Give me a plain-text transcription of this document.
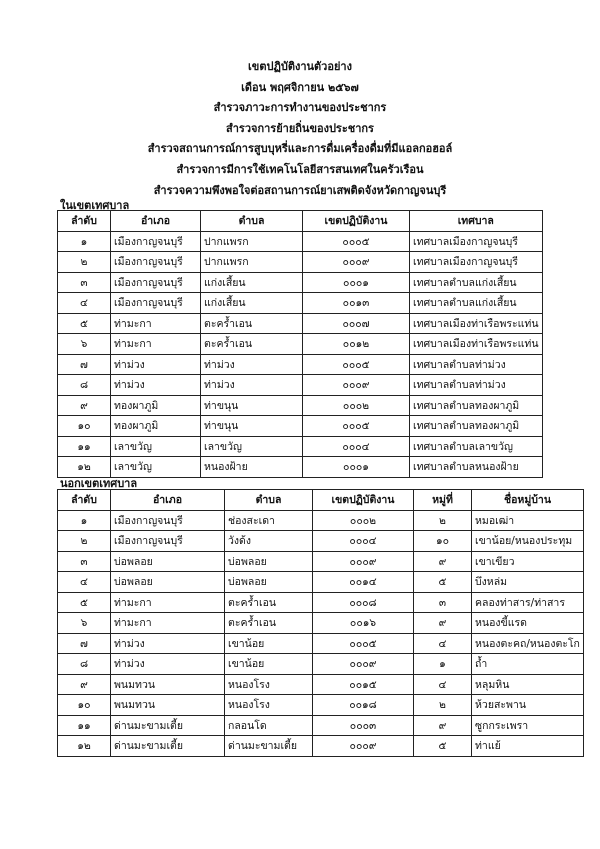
เขตปฏิบัติงานตัวอย่าง
เดือน พฤศจิกายน ๒๕๖๗
สำรวจภาวะการทำงานของประชากร
สำรวจการย้ายถิ่นของประชากร
สำรวจสถานการณ์การสูบบุหรี่และการดื่มเครื่องดื่มที่มีแอลกอฮอล์
สำรวจการมีการใช้เทคโนโลยีสารสนเทศในครัวเรือน
สำรวจความพึงพอใจต่อสถานการณ์ยาเสพติดจังหวัดกาญจนบุรี
ในเขตเทศบาล
ลำดับ	อำเภอ	ตำบล	เขตปฏิบัติงาน	เทศบาล
๑	เมืองกาญจนบุรี	ปากแพรก	๐๐๐๕	เทศบาลเมืองกาญจนบุรี
๒	เมืองกาญจนบุรี	ปากแพรก	๐๐๐๙	เทศบาลเมืองกาญจนบุรี
๓	เมืองกาญจนบุรี	แก่งเสี้ยน	๐๐๐๑	เทศบาลตำบลแก่งเสี้ยน
๔	เมืองกาญจนบุรี	แก่งเสี้ยน	๐๐๑๓	เทศบาลตำบลแก่งเสี้ยน
๕	ท่ามะกา	ตะคร้ำเอน	๐๐๐๗	เทศบาลเมืองท่าเรือพระแท่น
๖	ท่ามะกา	ตะคร้ำเอน	๐๐๑๒	เทศบาลเมืองท่าเรือพระแท่น
๗	ท่าม่วง	ท่าม่วง	๐๐๐๕	เทศบาลตำบลท่าม่วง
๘	ท่าม่วง	ท่าม่วง	๐๐๐๙	เทศบาลตำบลท่าม่วง
๙	ทองผาภูมิ	ท่าขนุน	๐๐๐๒	เทศบาลตำบลทองผาภูมิ
๑๐	ทองผาภูมิ	ท่าขนุน	๐๐๐๕	เทศบาลตำบลทองผาภูมิ
๑๑	เลาขวัญ	เลาขวัญ	๐๐๐๔	เทศบาลตำบลเลาขวัญ
๑๒	เลาขวัญ	หนองฝ้าย	๐๐๐๑	เทศบาลตำบลหนองฝ้าย
นอกเขตเทศบาล
ลำดับ	อำเภอ	ตำบล	เขตปฏิบัติงาน	หมู่ที่	ชื่อหมู่บ้าน
๑	เมืองกาญจนบุรี	ช่องสะเดา	๐๐๐๒	๒	หมอเฒ่า
๒	เมืองกาญจนบุรี	วังด้ง	๐๐๐๔	๑๐	เขาน้อย/หนองประทุม
๓	บ่อพลอย	บ่อพลอย	๐๐๐๙	๙	เขาเขียว
๔	บ่อพลอย	บ่อพลอย	๐๐๑๔	๕	บึงหล่ม
๕	ท่ามะกา	ตะคร้ำเอน	๐๐๐๘	๓	คลองท่าสาร/ท่าสาร
๖	ท่ามะกา	ตะคร้ำเอน	๐๐๑๖	๙	หนองขี้แรด
๗	ท่าม่วง	เขาน้อย	๐๐๐๕	๔	หนองตะคถ/หนองตะโก
๘	ท่าม่วง	เขาน้อย	๐๐๐๙	๑	ถ้ำ
๙	พนมทวน	หนองโรง	๐๐๑๕	๔	หลุมหิน
๑๐	พนมทวน	หนองโรง	๐๐๑๘	๒	ห้วยสะพาน
๑๑	ด่านมะขามเตี้ย	กลอนโด	๐๐๐๓	๙	ซูกกระเพรา
๑๒	ด่านมะขามเตี้ย	ด่านมะขามเตี้ย	๐๐๐๙	๕	ท่าแย้
